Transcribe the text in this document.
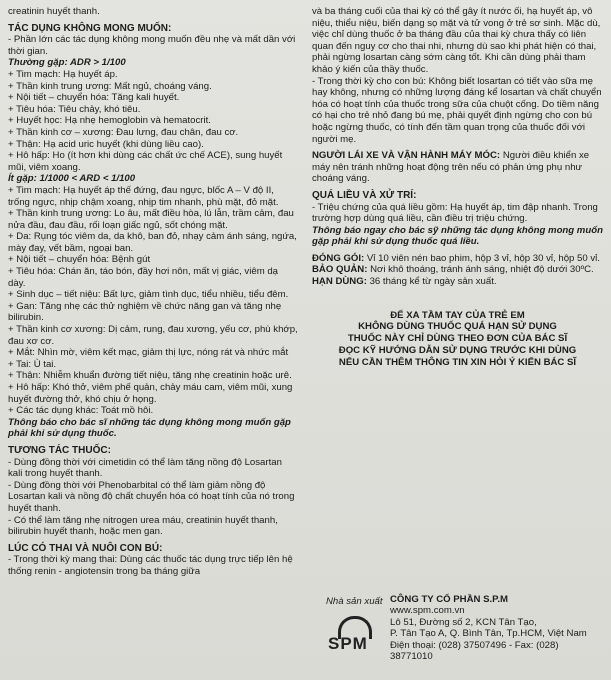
creatinin huyết thanh.

TÁC DỤNG KHÔNG MONG MUỐN:

- Phần lớn các tác dụng không mong muốn đều nhẹ và mất dần với thời gian.

Thường gặp: ADR > 1/100

+ Tim mạch: Hạ huyết áp.

+ Thần kinh trung ương: Mất ngủ, choáng váng.

+ Nội tiết – chuyển hóa: Tăng kali huyết.

+ Tiêu hóa: Tiêu chảy, khó tiêu.

+ Huyết học: Hạ nhẹ hemoglobin và hematocrit.

+ Thần kinh cơ – xương: Đau lưng, đau chân, đau cơ.

+ Thận: Hạ acid uric huyết (khi dùng liều cao).

+ Hô hấp: Ho (ít hơn khi dùng các chất ức chế ACE), sung huyết mũi, viêm xoang.

Ít gặp: 1/1000 < ARD < 1/100

+ Tim mạch: Hạ huyết áp thế đứng, đau ngực, blốc A – V độ II, trống ngực, nhịp chậm xoang, nhịp tim nhanh, phù mặt, đỏ mặt.

+ Thần kinh trung ương: Lo âu, mất điều hòa, lú lẫn, trầm cảm, đau nửa đầu, đau đầu, rối loạn giấc ngủ, sốt chóng mặt.

+ Da: Rụng tóc viêm da, da khô, ban đỏ, nhạy cảm ánh sáng, ngứa, mày đay, vết bầm, ngoại ban.

+ Nội tiết – chuyển hóa: Bệnh gút

+ Tiêu hóa: Chán ăn, táo bón, đầy hơi nôn, mất vị giác, viêm dạ dày.

+ Sinh dục – tiết niệu: Bất lực, giảm tình dục, tiểu nhiều, tiểu đêm.

+ Gan: Tăng nhẹ các thử nghiệm về chức năng gan và tăng nhẹ bilirubin.

+ Thần kinh cơ xương: Dị cảm, rung, đau xương, yếu cơ, phù khớp, đau xơ cơ.

+ Mắt: Nhìn mờ, viêm kết mạc, giảm thị lực, nóng rát và nhức mắt

+ Tai: Ù tai.

+ Thận: Nhiễm khuẩn đường tiết niệu, tăng nhẹ creatinin hoặc urê.

+ Hô hấp: Khó thở, viêm phế quản, chảy máu cam, viêm mũi, xung huyết đường thở, khó chịu ở họng.

+ Các tác dụng khác: Toát mồ hôi.

Thông báo cho bác sĩ những tác dụng không mong muốn gặp phải khi sử dụng thuốc.

TƯƠNG TÁC THUỐC:

- Dùng đồng thời với cimetidin có thể làm tăng nồng độ Losartan kali trong huyết thanh.

- Dùng đồng thời với Phenobarbital có thể làm giảm nồng độ Losartan kali và nồng độ chất chuyển hóa có hoạt tính của nó trong huyết thanh.

- Có thể làm tăng nhẹ nitrogen urea máu, creatinin huyết thanh, bilirubin huyết thanh, hoặc men gan.

LÚC CÓ THAI VÀ NUÔI CON BÚ:

- Trong thời kỳ mang thai: Dùng các thuốc tác dụng trực tiếp lên hệ thống renin - angiotensin trong ba tháng giữa

và ba tháng cuối của thai kỳ có thể gây ít nước ối, hạ huyết áp, vô niệu, thiểu niệu, biến dạng sọ mặt và tử vong ở trẻ sơ sinh. Mặc dù, việc chỉ dùng thuốc ở ba tháng đầu của thai kỳ chưa thấy có liên quan đến nguy cơ cho thai nhi, nhưng dù sao khi phát hiện có thai, phải ngừng losartan càng sớm càng tốt. Khi cần dùng phải tham khảo ý kiến của thầy thuốc.

- Trong thời kỳ cho con bú: Không biết losartan có tiết vào sữa mẹ hay không, nhưng có những lượng đáng kể losartan và chất chuyển hóa có hoạt tính của thuốc trong sữa của chuột cống. Do tiềm năng có hại cho trẻ nhỏ đang bú mẹ, phải quyết định ngừng cho con bú hoặc ngừng thuốc, có tính đến tầm quan trọng của thuốc đối với người mẹ.

NGƯỜI LÁI XE VÀ VẬN HÀNH MÁY MÓC: Người điều khiển xe máy nên tránh những hoạt động trên nếu có phản ứng phụ như choáng váng.

QUÁ LIỀU VÀ XỬ TRÍ:

- Triệu chứng của quá liều gồm: Hạ huyết áp, tim đập nhanh. Trong trường hợp dùng quá liều, cần điều trị triệu chứng.

Thông báo ngay cho bác sỹ những tác dụng không mong muốn gặp phải khi sử dụng thuốc quá liều.

ĐÓNG GÓI: Vỉ 10 viên nén bao phim, hộp 3 vỉ, hộp 30 vỉ, hộp 50 vỉ.

BẢO QUẢN: Nơi khô thoáng, tránh ánh sáng, nhiệt độ dưới 30ºC.

HẠN DÙNG: 36 tháng kể từ ngày sản xuất.

ĐỂ XA TẦM TAY CỦA TRẺ EM
KHÔNG DÙNG THUỐC QUÁ HẠN SỬ DỤNG
THUỐC NÀY CHỈ DÙNG THEO ĐƠN CỦA BÁC SĨ
ĐỌC KỸ HƯỚNG DẪN SỬ DỤNG TRƯỚC KHI DÙNG
NẾU CẦN THÊM THÔNG TIN XIN HỎI Ý KIẾN BÁC SĨ
Nhà sản xuất
SPM
CÔNG TY CỔ PHẦN S.P.M
www.spm.com.vn
Lô 51, Đường số 2, KCN Tân Tạo,
P. Tân Tạo A, Q. Bình Tân, Tp.HCM, Việt Nam
Điện thoại: (028) 37507496 - Fax: (028) 38771010
